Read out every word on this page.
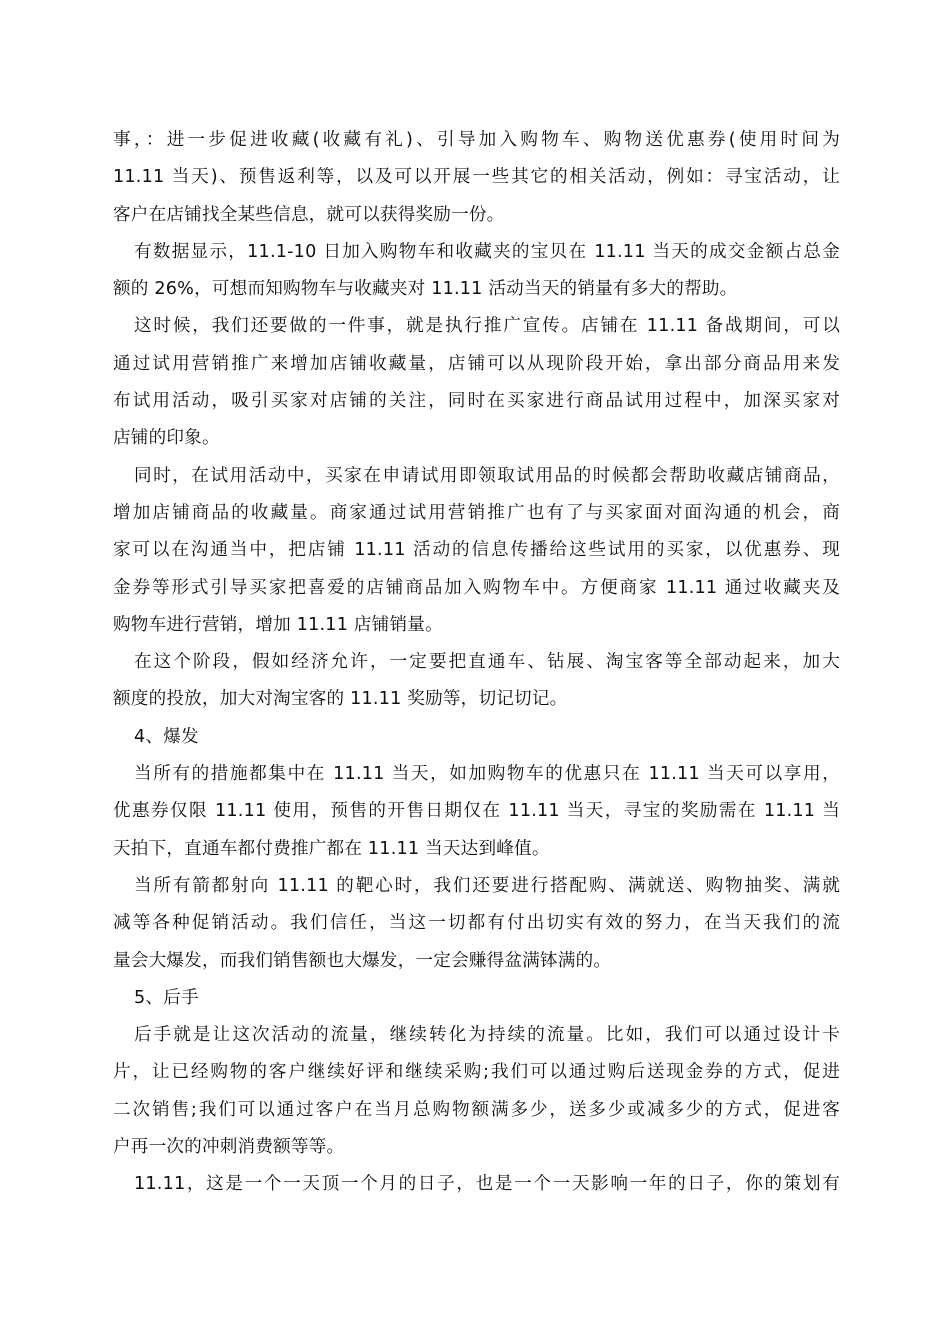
事，：进一步促进收藏(收藏有礼)、引导加入购物车、购物送优惠券(使用时间为
11.11 当天)、预售返利等，以及可以开展一些其它的相关活动，例如：寻宝活动，让
客户在店铺找全某些信息，就可以获得奖励一份。
有数据显示，11.1-10 日加入购物车和收藏夹的宝贝在 11.11 当天的成交金额占总金
额的 26%，可想而知购物车与收藏夹对 11.11 活动当天的销量有多大的帮助。
这时候，我们还要做的一件事，就是执行推广宣传。店铺在 11.11 备战期间，可以
通过试用营销推广来增加店铺收藏量，店铺可以从现阶段开始，拿出部分商品用来发
布试用活动，吸引买家对店铺的关注，同时在买家进行商品试用过程中，加深买家对
店铺的印象。
同时，在试用活动中，买家在申请试用即领取试用品的时候都会帮助收藏店铺商品，
增加店铺商品的收藏量。商家通过试用营销推广也有了与买家面对面沟通的机会，商
家可以在沟通当中，把店铺 11.11 活动的信息传播给这些试用的买家，以优惠券、现
金券等形式引导买家把喜爱的店铺商品加入购物车中。方便商家 11.11 通过收藏夹及
购物车进行营销，增加 11.11 店铺销量。
在这个阶段，假如经济允许，一定要把直通车、钻展、淘宝客等全部动起来，加大
额度的投放，加大对淘宝客的 11.11 奖励等，切记切记。
4、爆发
当所有的措施都集中在 11.11 当天，如加购物车的优惠只在 11.11 当天可以享用，
优惠券仅限 11.11 使用，预售的开售日期仅在 11.11 当天，寻宝的奖励需在 11.11 当
天拍下，直通车都付费推广都在 11.11 当天达到峰值。
当所有箭都射向 11.11 的靶心时，我们还要进行搭配购、满就送、购物抽奖、满就
减等各种促销活动。我们信任，当这一切都有付出切实有效的努力，在当天我们的流
量会大爆发，而我们销售额也大爆发，一定会赚得盆满钵满的。
5、后手
后手就是让这次活动的流量，继续转化为持续的流量。比如，我们可以通过设计卡
片，让已经购物的客户继续好评和继续采购;我们可以通过购后送现金券的方式，促进
二次销售;我们可以通过客户在当月总购物额满多少，送多少或减多少的方式，促进客
户再一次的冲刺消费额等等。
11.11，这是一个一天顶一个月的日子，也是一个一天影响一年的日子，你的策划有
